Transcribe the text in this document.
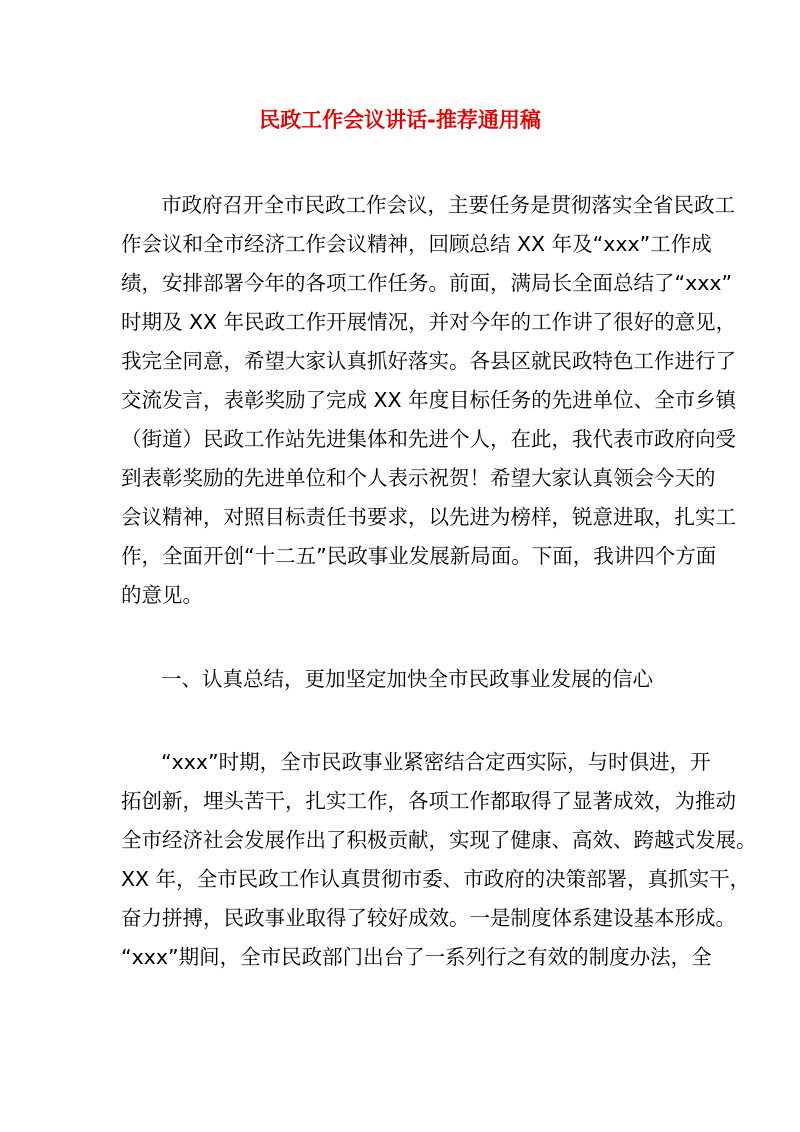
民政工作会议讲话-推荐通用稿
市政府召开全市民政工作会议，主要任务是贯彻落实全省民政工
作会议和全市经济工作会议精神，回顾总结 XX 年及“xxx”工作成
绩，安排部署今年的各项工作任务。前面，满局长全面总结了“xxx”
时期及 XX 年民政工作开展情况，并对今年的工作讲了很好的意见，
我完全同意，希望大家认真抓好落实。各县区就民政特色工作进行了
交流发言，表彰奖励了完成 XX 年度目标任务的先进单位、全市乡镇
（街道）民政工作站先进集体和先进个人，在此，我代表市政府向受
到表彰奖励的先进单位和个人表示祝贺！希望大家认真领会今天的
会议精神，对照目标责任书要求，以先进为榜样，锐意进取，扎实工
作，全面开创“十二五”民政事业发展新局面。下面，我讲四个方面
的意见。
一、认真总结，更加坚定加快全市民政事业发展的信心
“xxx”时期，全市民政事业紧密结合定西实际，与时俱进，开
拓创新，埋头苦干，扎实工作，各项工作都取得了显著成效，为推动
全市经济社会发展作出了积极贡献，实现了健康、高效、跨越式发展。
XX 年，全市民政工作认真贯彻市委、市政府的决策部署，真抓实干，
奋力拼搏，民政事业取得了较好成效。一是制度体系建设基本形成。
“xxx”期间，全市民政部门出台了一系列行之有效的制度办法，全
